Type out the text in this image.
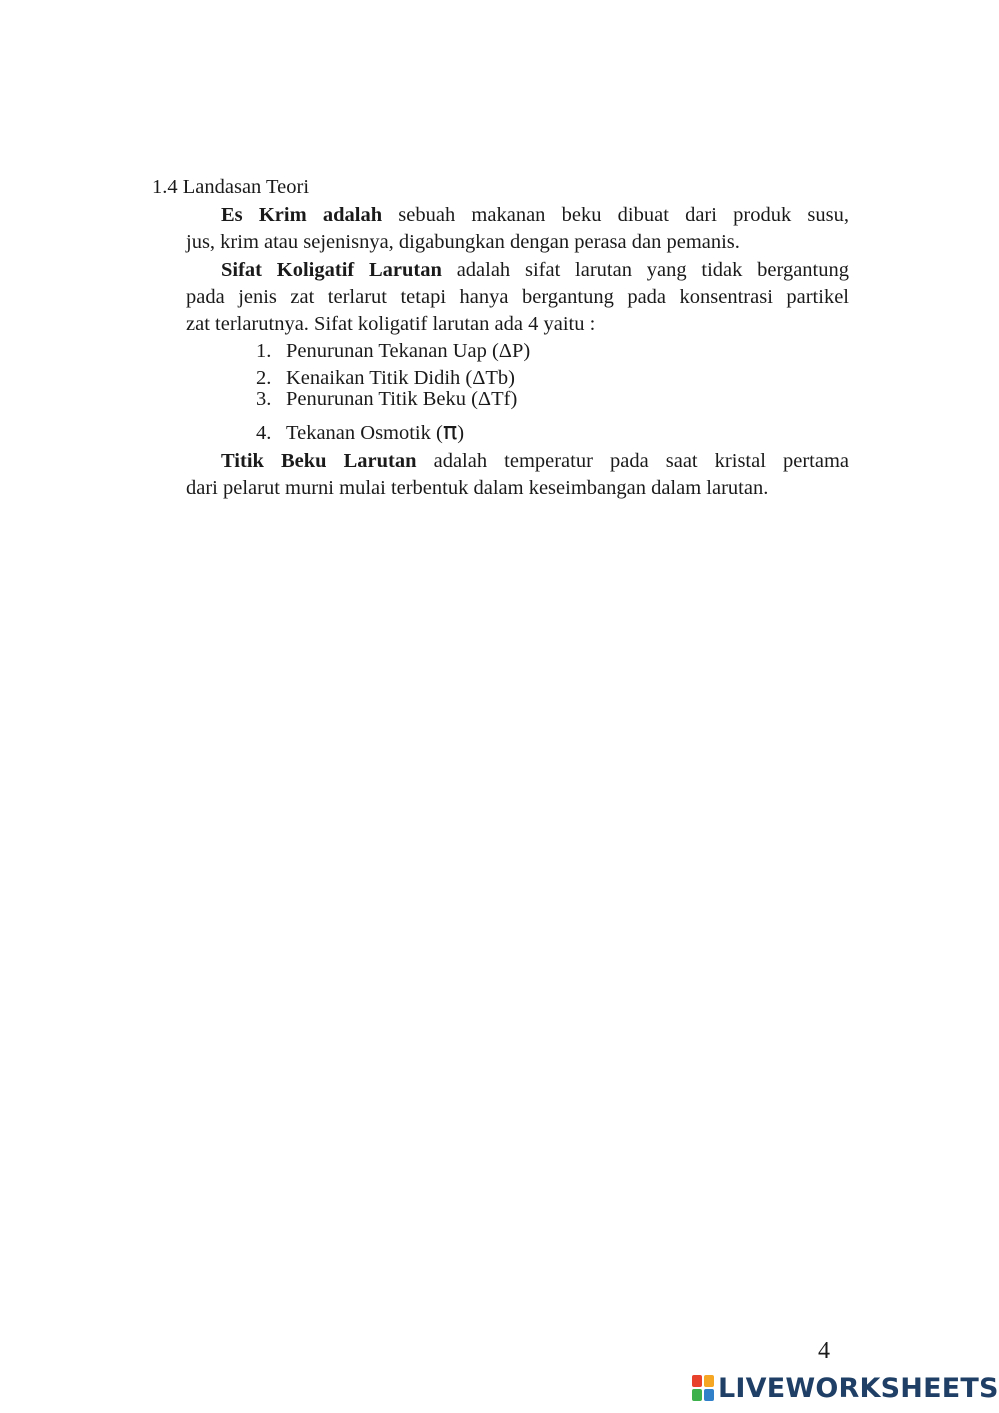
1.4 Landasan Teori
Es Krim adalah sebuah makanan beku dibuat dari produk susu,
jus, krim atau sejenisnya, digabungkan dengan perasa dan pemanis.
Sifat Koligatif Larutan adalah sifat larutan yang tidak bergantung
pada jenis zat terlarut tetapi hanya bergantung pada konsentrasi partikel
zat terlarutnya. Sifat koligatif larutan ada 4 yaitu :
1. Penurunan Tekanan Uap (ΔP)
2. Kenaikan Titik Didih (ΔTb)
3. Penurunan Titik Beku (ΔTf)
4. Tekanan Osmotik (π)
Titik Beku Larutan adalah temperatur pada saat kristal pertama
dari pelarut murni mulai terbentuk dalam keseimbangan dalam larutan.
4
LIVEWORKSHEETS
